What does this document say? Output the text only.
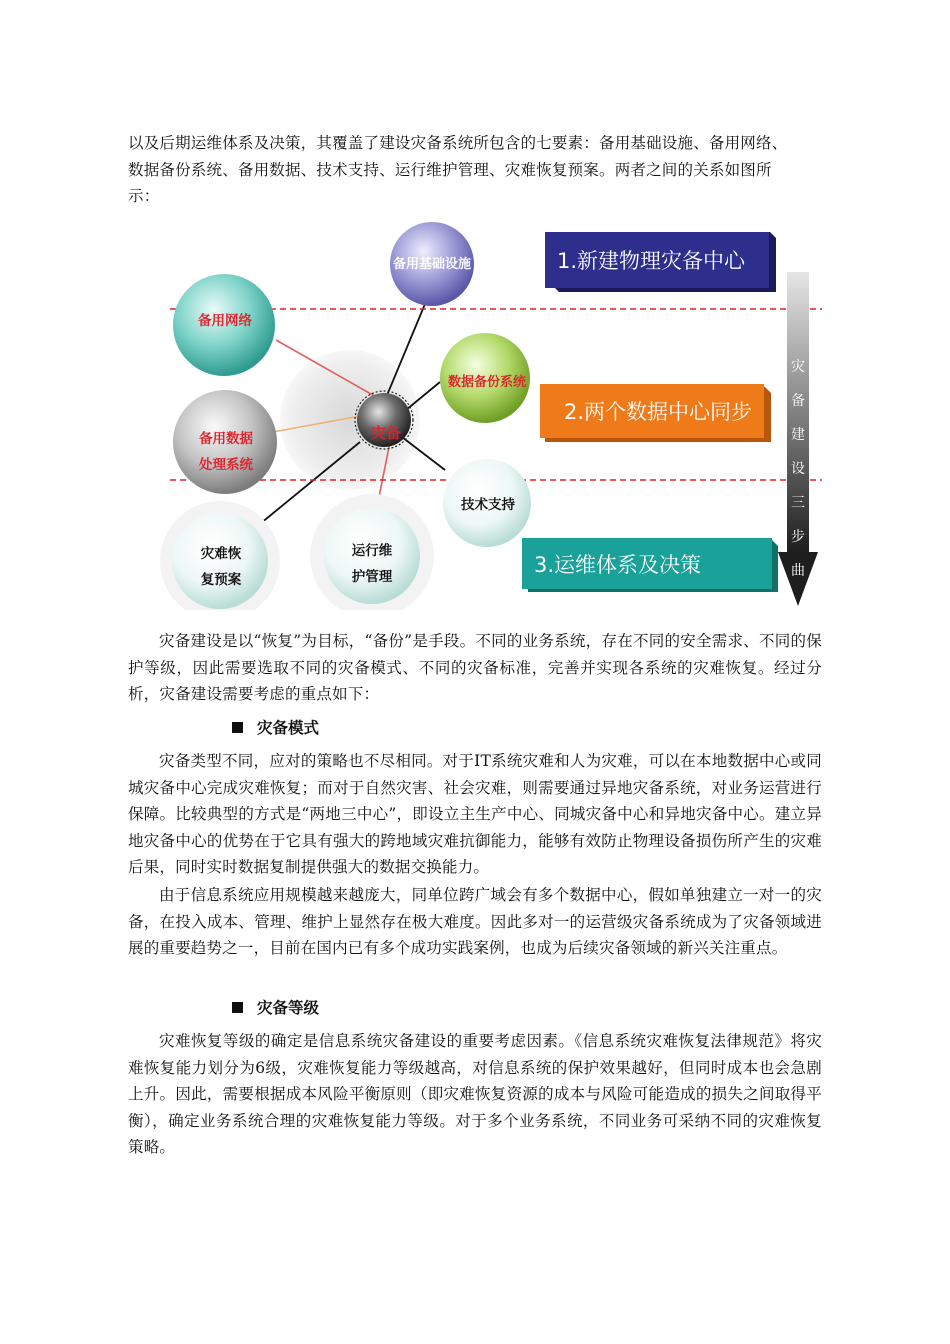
以及后期运维体系及决策，其覆盖了建设灾备系统所包含的七要素：备用基础设施、备用网络、
数据备份系统、备用数据、技术支持、运行维护管理、灾难恢复预案。两者之间的关系如图所
示：

备用基础设施
备用网络
数据备份系统
备用数据
处理系统
灾备
技术支持
灾难恢
复预案
运行维
护管理
1.新建物理灾备中心
2.两个数据中心同步
3.运维体系及决策
灾
备
建
设
三
步
曲

灾备建设是以“恢复”为目标，“备份”是手段。不同的业务系统，存在不同的安全需求、不同的保护等级，因此需要选取不同的灾备模式、不同的灾备标准，完善并实现各系统的灾难恢复。经过分析，灾备建设需要考虑的重点如下：

灾备模式

灾备类型不同，应对的策略也不尽相同。对于IT系统灾难和人为灾难，可以在本地数据中心或同城灾备中心完成灾难恢复；而对于自然灾害、社会灾难，则需要通过异地灾备系统，对业务运营进行保障。比较典型的方式是“两地三中心”，即设立主生产中心、同城灾备中心和异地灾备中心。建立异地灾备中心的优势在于它具有强大的跨地域灾难抗御能力，能够有效防止物理设备损伤所产生的灾难后果，同时实时数据复制提供强大的数据交换能力。

由于信息系统应用规模越来越庞大，同单位跨广域会有多个数据中心，假如单独建立一对一的灾备，在投入成本、管理、维护上显然存在极大难度。因此多对一的运营级灾备系统成为了灾备领域进展的重要趋势之一，目前在国内已有多个成功实践案例，也成为后续灾备领域的新兴关注重点。

灾备等级

灾难恢复等级的确定是信息系统灾备建设的重要考虑因素。《信息系统灾难恢复法律规范》将灾难恢复能力划分为6级，灾难恢复能力等级越高，对信息系统的保护效果越好，但同时成本也会急剧上升。因此，需要根据成本风险平衡原则（即灾难恢复资源的成本与风险可能造成的损失之间取得平衡），确定业务系统合理的灾难恢复能力等级。对于多个业务系统，不同业务可采纳不同的灾难恢复策略。
